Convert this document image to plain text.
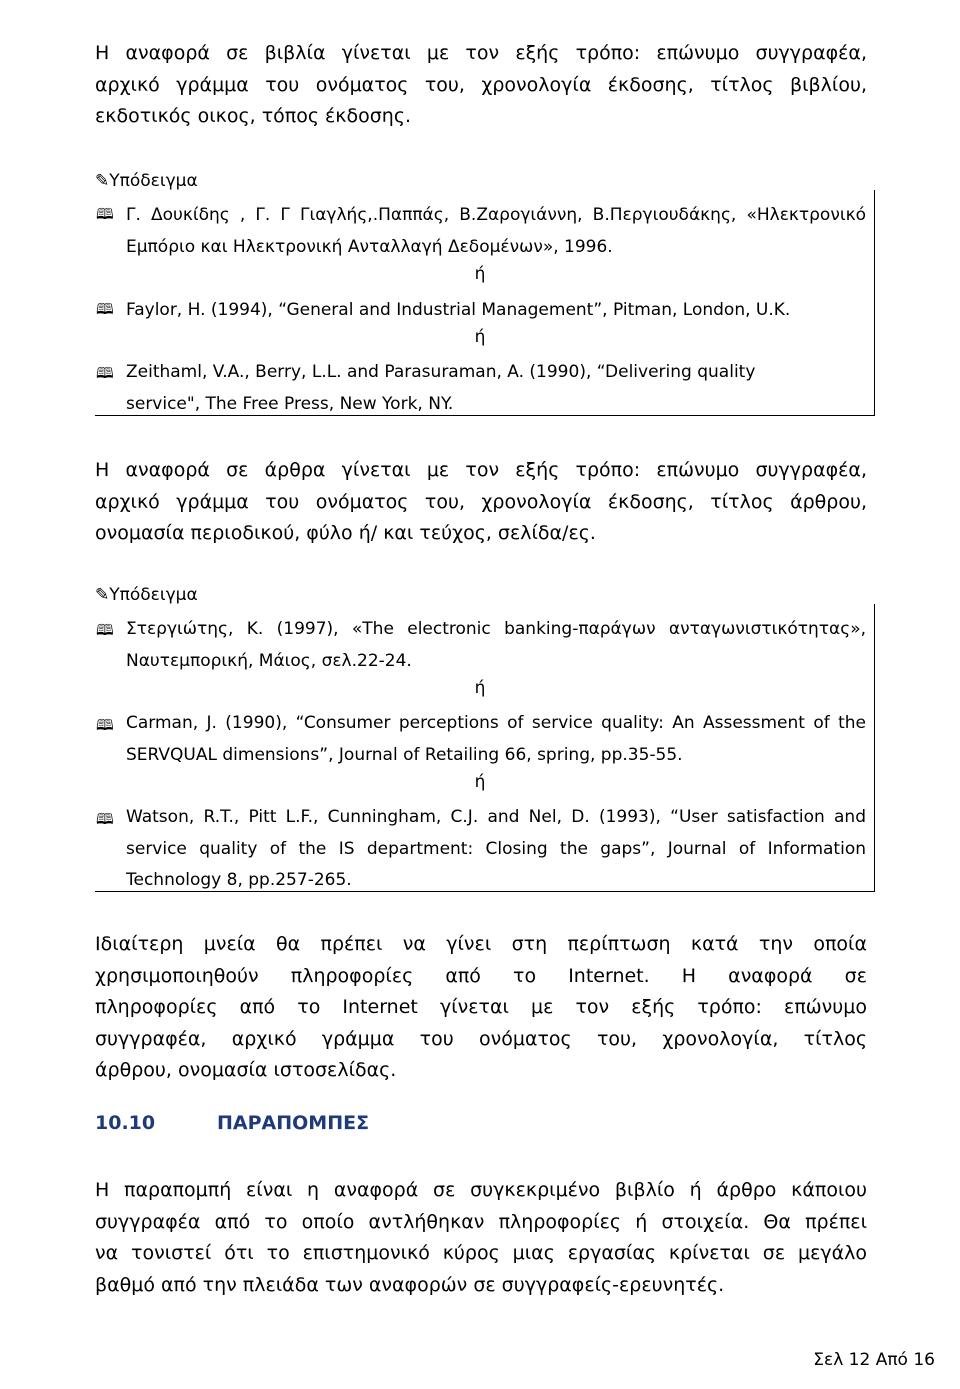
Η αναφορά σε βιβλία γίνεται με τον εξής τρόπο: επώνυμο συγγραφέα,
αρχικό γράμμα του ονόματος του, χρονολογία έκδοσης, τίτλος βιβλίου,
εκδοτικός οικος, τόπος έκδοσης.
✎Υπόδειγμα
🕮 Γ. Δουκίδης , Γ. Γ Γιαγλής,.Παππάς, Β.Ζαρογιάννη, Β.Περγιουδάκης, «Ηλεκτρονικό
Εμπόριο και Ηλεκτρονική Ανταλλαγή Δεδομένων», 1996.
ή
🕮 Faylor, H. (1994), “General and Industrial Management”, Pitman, London, U.K.
ή
🕮 Zeithaml, V.A., Berry, L.L. and Parasuraman, A. (1990), “Delivering quality
service", The Free Press, New York, NY.
Η αναφορά σε άρθρα γίνεται με τον εξής τρόπο: επώνυμο συγγραφέα,
αρχικό γράμμα του ονόματος του, χρονολογία έκδοσης, τίτλος άρθρου,
ονομασία περιοδικού, φύλο ή/ και τεύχος, σελίδα/ες.
✎Υπόδειγμα
🕮 Στεργιώτης, Κ. (1997), «The electronic banking-παράγων ανταγωνιστικότητας»,
Ναυτεμπορική, Μάιος, σελ.22-24.
ή
🕮 Carman, J. (1990), “Consumer perceptions of service quality: An Assessment of the
SERVQUAL dimensions”, Journal of Retailing 66, spring, pp.35-55.
ή
🕮 Watson, R.T., Pitt L.F., Cunningham, C.J. and Nel, D. (1993), “User satisfaction and
service quality of the IS department: Closing the gaps”, Journal of Information
Technology 8, pp.257-265.
Ιδιαίτερη μνεία θα πρέπει να γίνει στη περίπτωση κατά την οποία
χρησιμοποιηθούν πληροφορίες από το Internet. Η αναφορά σε
πληροφορίες από το Internet γίνεται με τον εξής τρόπο: επώνυμο
συγγραφέα, αρχικό γράμμα του ονόματος του, χρονολογία, τίτλος
άρθρου, ονομασία ιστοσελίδας.
10.10	ΠΑΡΑΠΟΜΠΕΣ
Η παραπομπή είναι η αναφορά σε συγκεκριμένο βιβλίο ή άρθρο κάποιου
συγγραφέα από το οποίο αντλήθηκαν πληροφορίες ή στοιχεία. Θα πρέπει
να τονιστεί ότι το επιστημονικό κύρος μιας εργασίας κρίνεται σε μεγάλο
βαθμό από την πλειάδα των αναφορών σε συγγραφείς-ερευνητές.
Σελ 12 Από 16
